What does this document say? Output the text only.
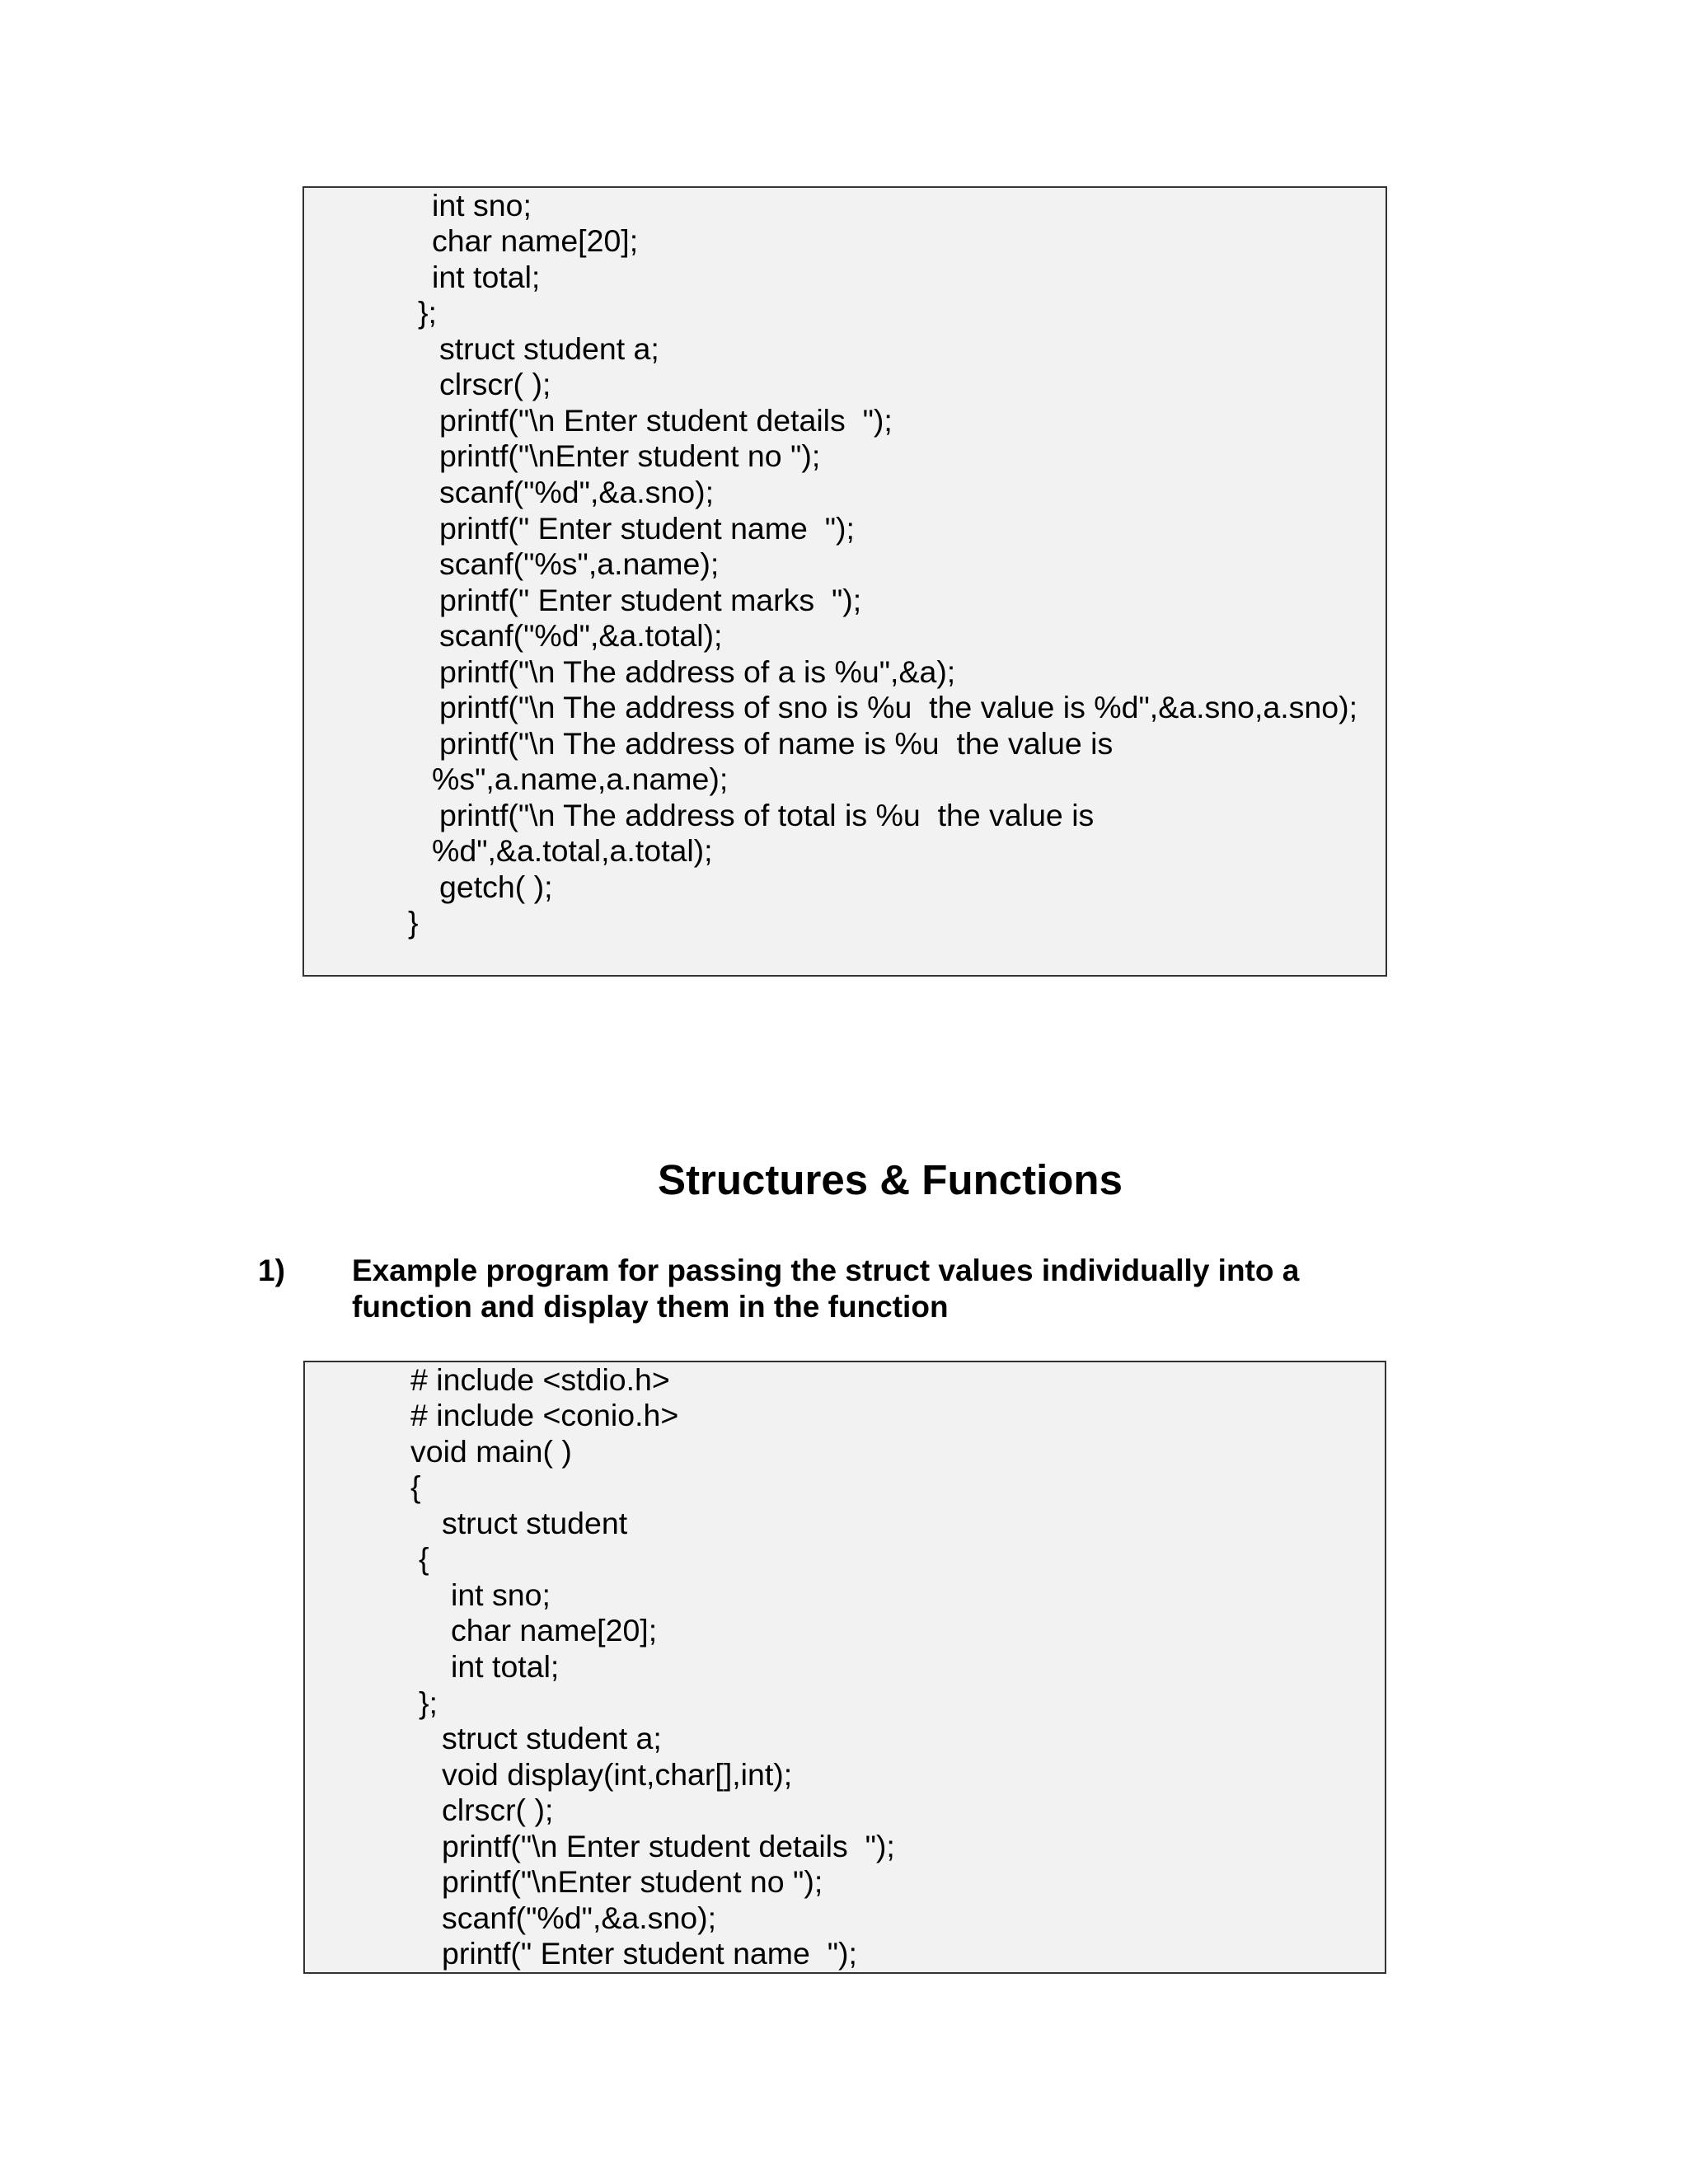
int sno;
char name[20];
int total;
};
struct student a;
clrscr( );
printf("\n Enter student details  ");
printf("\nEnter student no ");
scanf("%d",&a.sno);
printf(" Enter student name  ");
scanf("%s",a.name);
printf(" Enter student marks  ");
scanf("%d",&a.total);
printf("\n The address of a is %u",&a);
printf("\n The address of sno is %u  the value is %d",&a.sno,a.sno);
printf("\n The address of name is %u  the value is
%s",a.name,a.name);
printf("\n The address of total is %u  the value is
%d",&a.total,a.total);
getch( );
}
Structures & Functions
1) Example program for passing the struct values individually into a function and display them in the function
# include <stdio.h>
# include <conio.h>
void main( )
{
struct student
{
int sno;
char name[20];
int total;
};
struct student a;
void display(int,char[],int);
clrscr( );
printf("\n Enter student details  ");
printf("\nEnter student no ");
scanf("%d",&a.sno);
printf(" Enter student name  ");
